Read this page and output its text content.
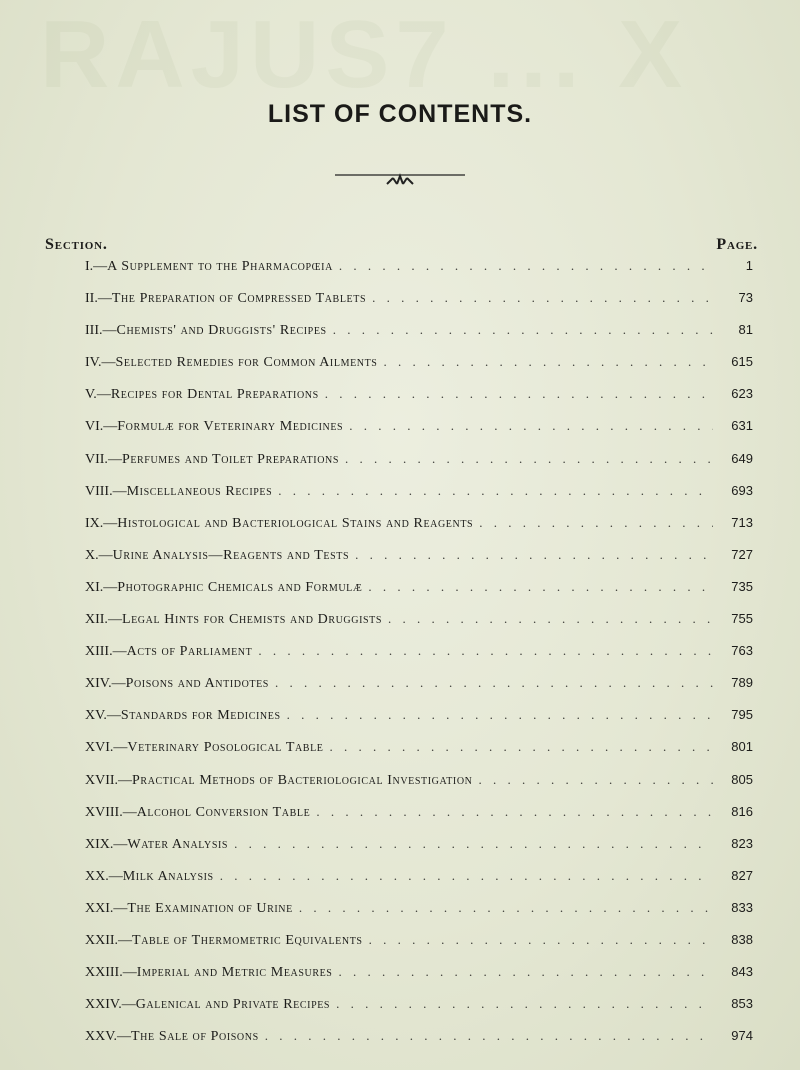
RAJUS7 ... X
LIST OF CONTENTS.
Section.	Page.
I. — A Supplement to the Pharmacopœia . . .	1
II. — The Preparation of Compressed Tablets . . .	73
III. — Chemists' and Druggists' Recipes . . .	81
IV. — Selected Remedies for Common Ailments . . .	615
V. — Recipes for Dental Preparations . . .	623
VI. — Formulæ for Veterinary Medicines . . .	631
VII. — Perfumes and Toilet Preparations . . .	649
VIII. — Miscellaneous Recipes . . .	693
IX. — Histological and Bacteriological Stains and Reagents . . .	713
X. — Urine Analysis—Reagents and Tests . . .	727
XI. — Photographic Chemicals and Formulæ . . .	735
XII. — Legal Hints for Chemists and Druggists . . .	755
XIII. — Acts of Parliament . . .	763
XIV. — Poisons and Antidotes . . .	789
XV. — Standards for Medicines . . .	795
XVI. — Veterinary Posological Table . . .	801
XVII. — Practical Methods of Bacteriological Investigation . . .	805
XVIII. — Alcohol Conversion Table . . .	816
XIX. — Water Analysis . . .	823
XX. — Milk Analysis . . .	827
XXI. — The Examination of Urine . . .	833
XXII. — Table of Thermometric Equivalents . . .	838
XXIII. — Imperial and Metric Measures . . .	843
XXIV. — Galenical and Private Recipes . . .	853
XXV. — The Sale of Poisons . . .	974
